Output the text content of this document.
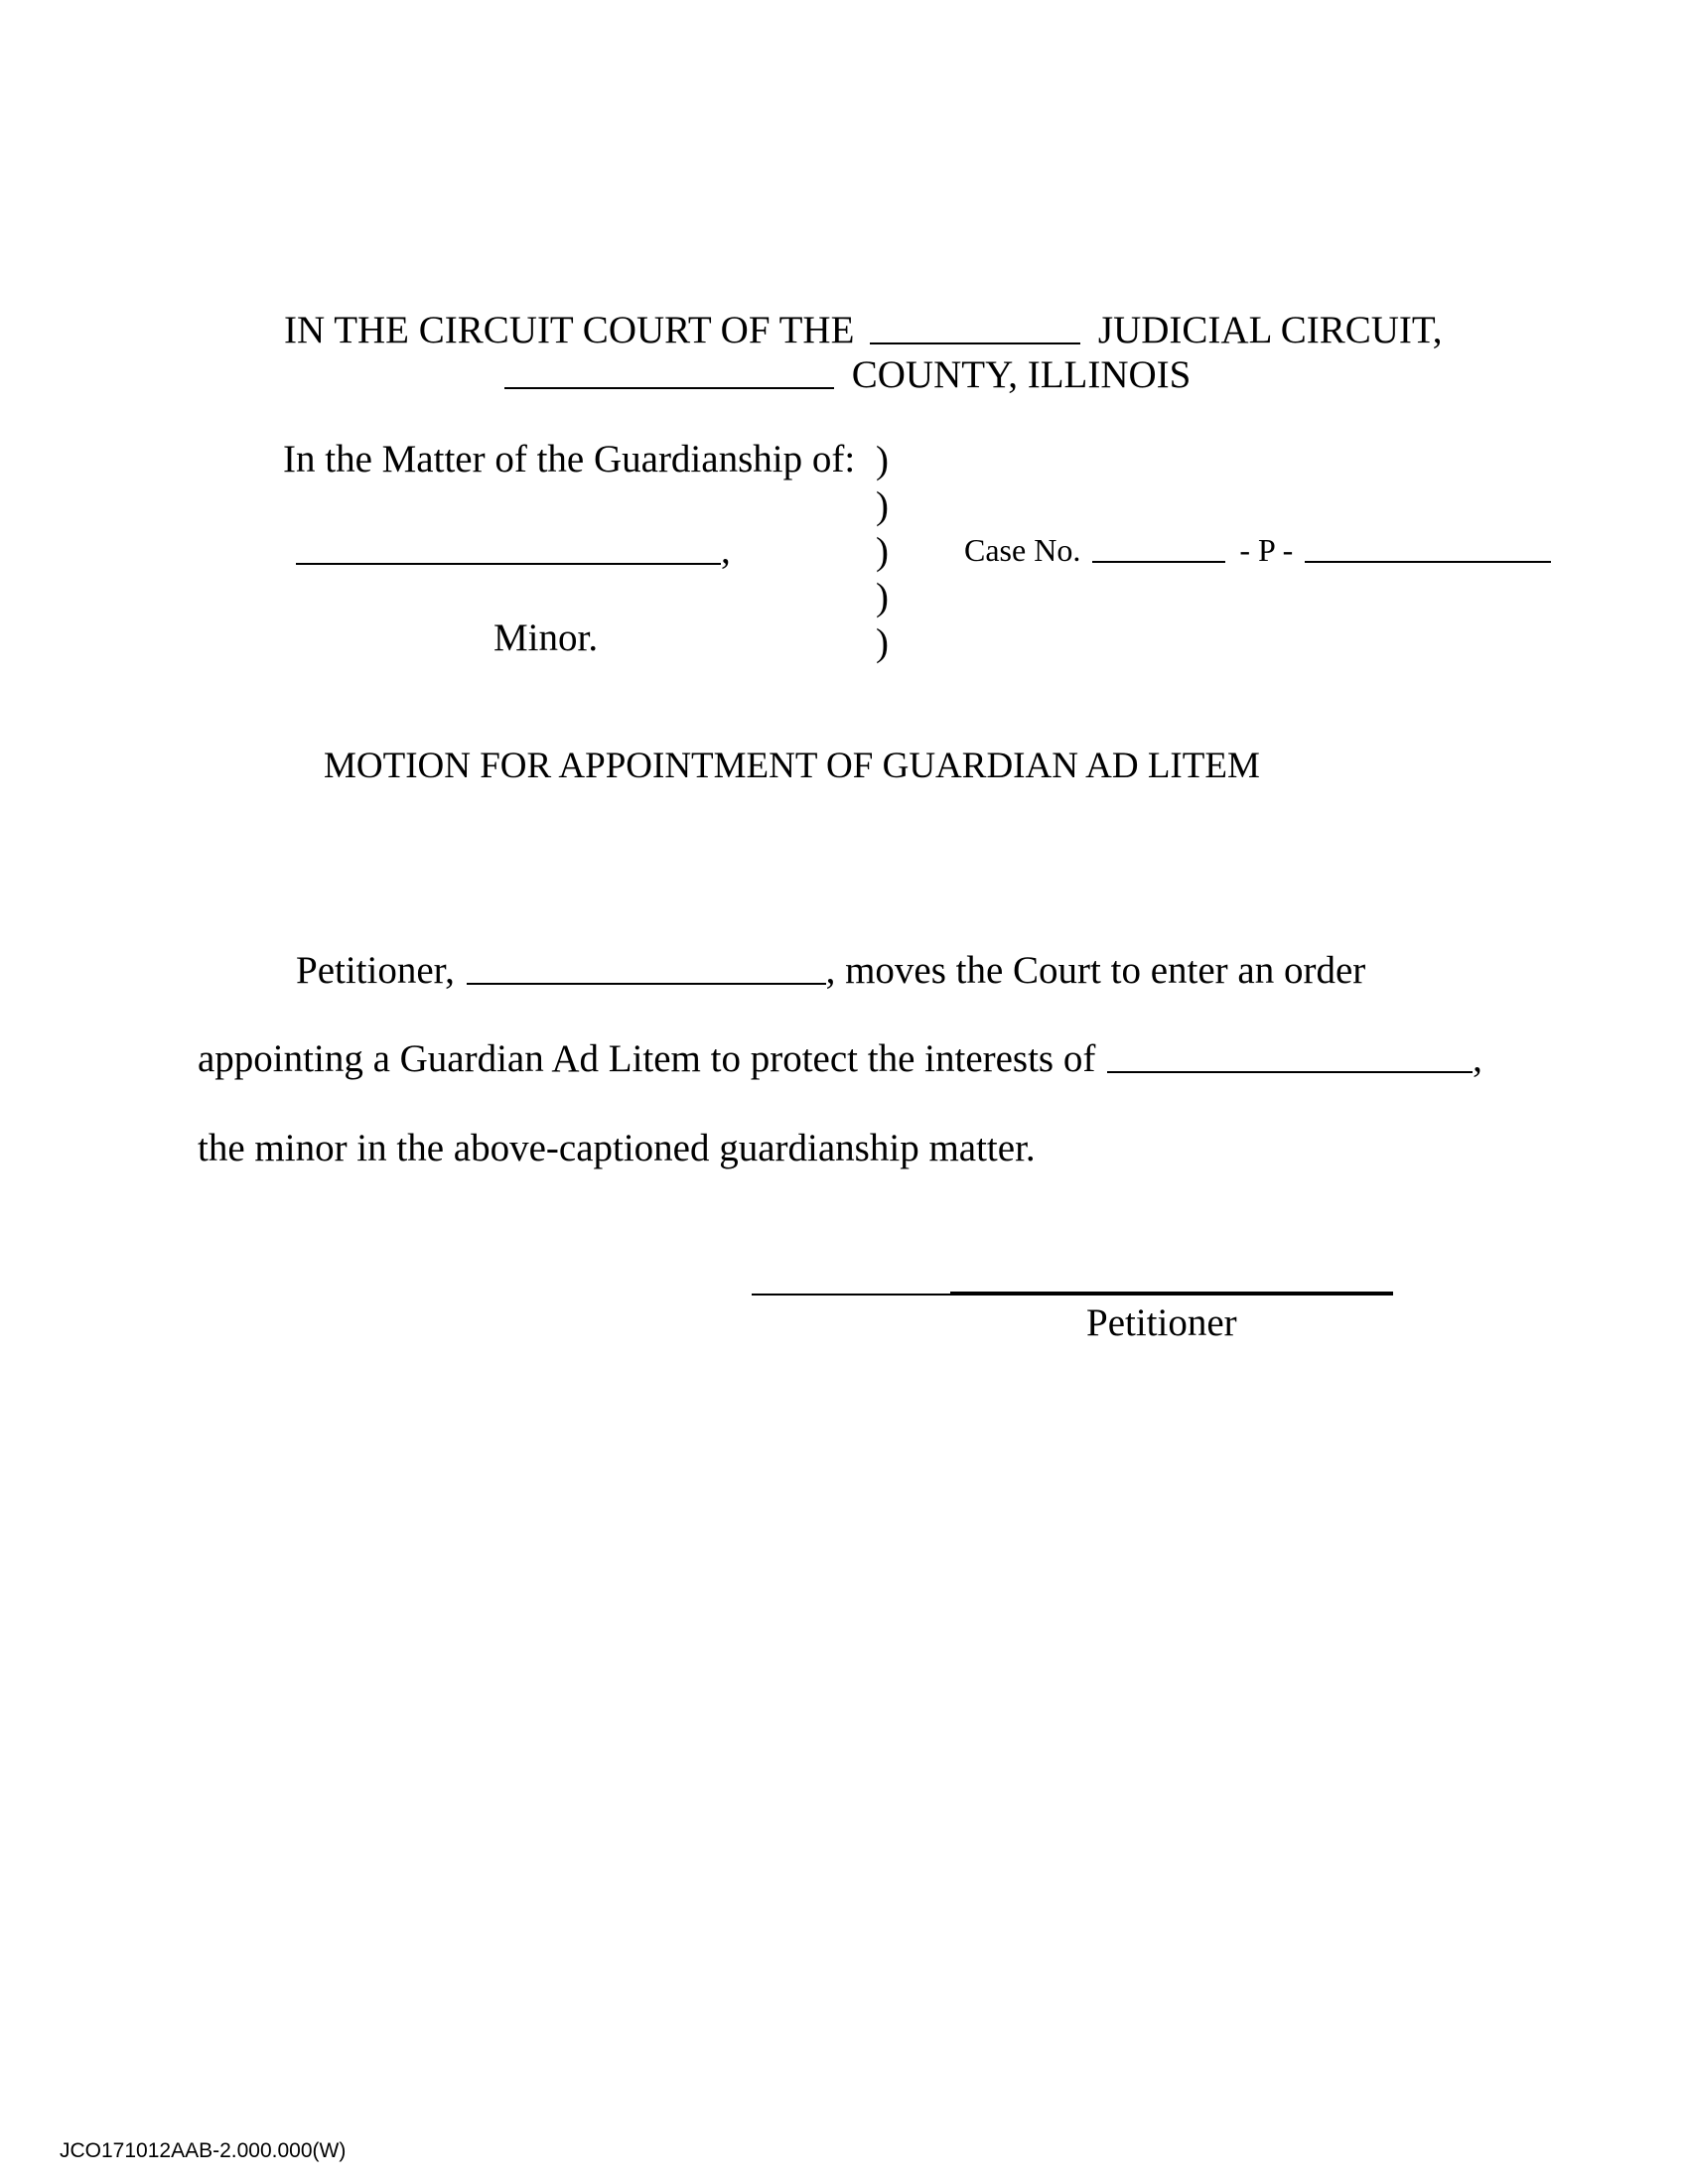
IN THE CIRCUIT COURT OF THE	JUDICIAL CIRCUIT,
COUNTY, ILLINOIS
In the Matter of the Guardianship of:
,
Minor.
)
)
)
)
)
Case No.	- P -
MOTION FOR APPOINTMENT OF GUARDIAN AD LITEM
Petitioner,	, moves the Court to enter an order
appointing a Guardian Ad Litem to protect the interests of	,
the minor in the above-captioned guardianship matter.
Petitioner
JCO171012AAB-2.000.000(W)
